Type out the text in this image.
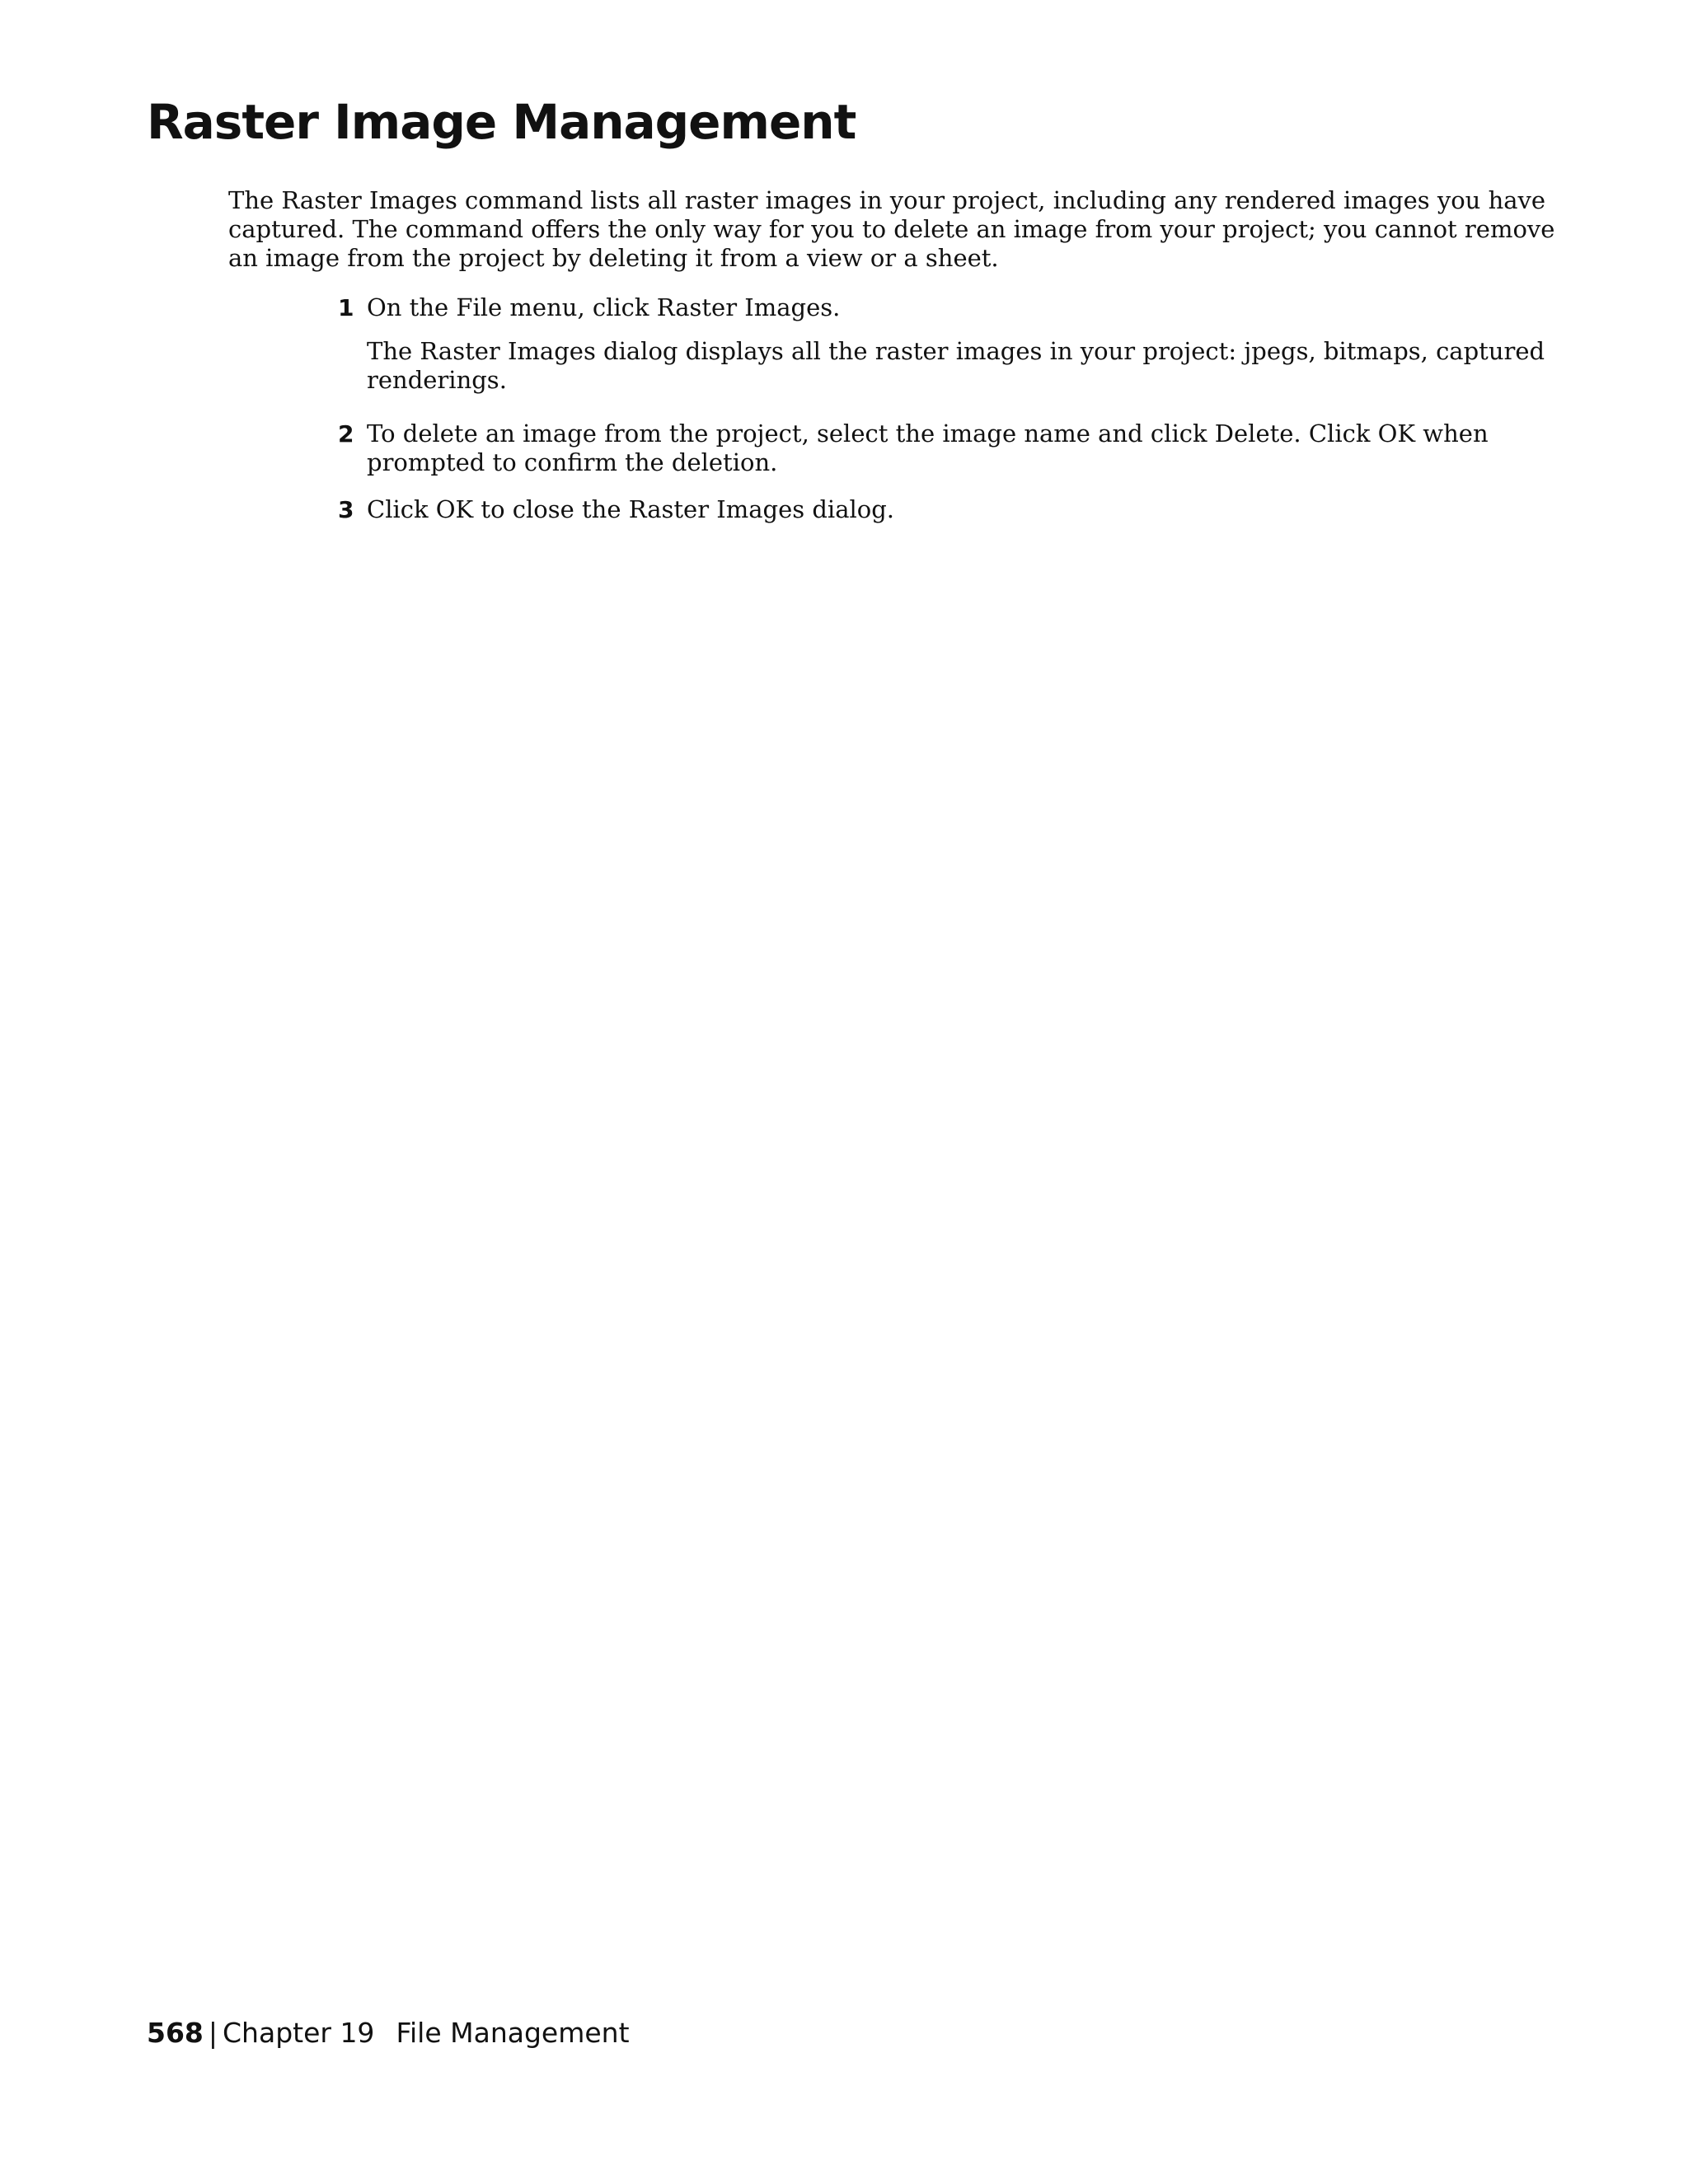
Raster Image Management

The Raster Images command lists all raster images in your project, including any rendered images you have captured. The command offers the only way for you to delete an image from your project; you cannot remove an image from the project by deleting it from a view or a sheet.

1 On the File menu, click Raster Images.
The Raster Images dialog displays all the raster images in your project: jpegs, bitmaps, captured renderings.
2 To delete an image from the project, select the image name and click Delete. Click OK when prompted to confirm the deletion.
3 Click OK to close the Raster Images dialog.
568 | Chapter 19 File Management
